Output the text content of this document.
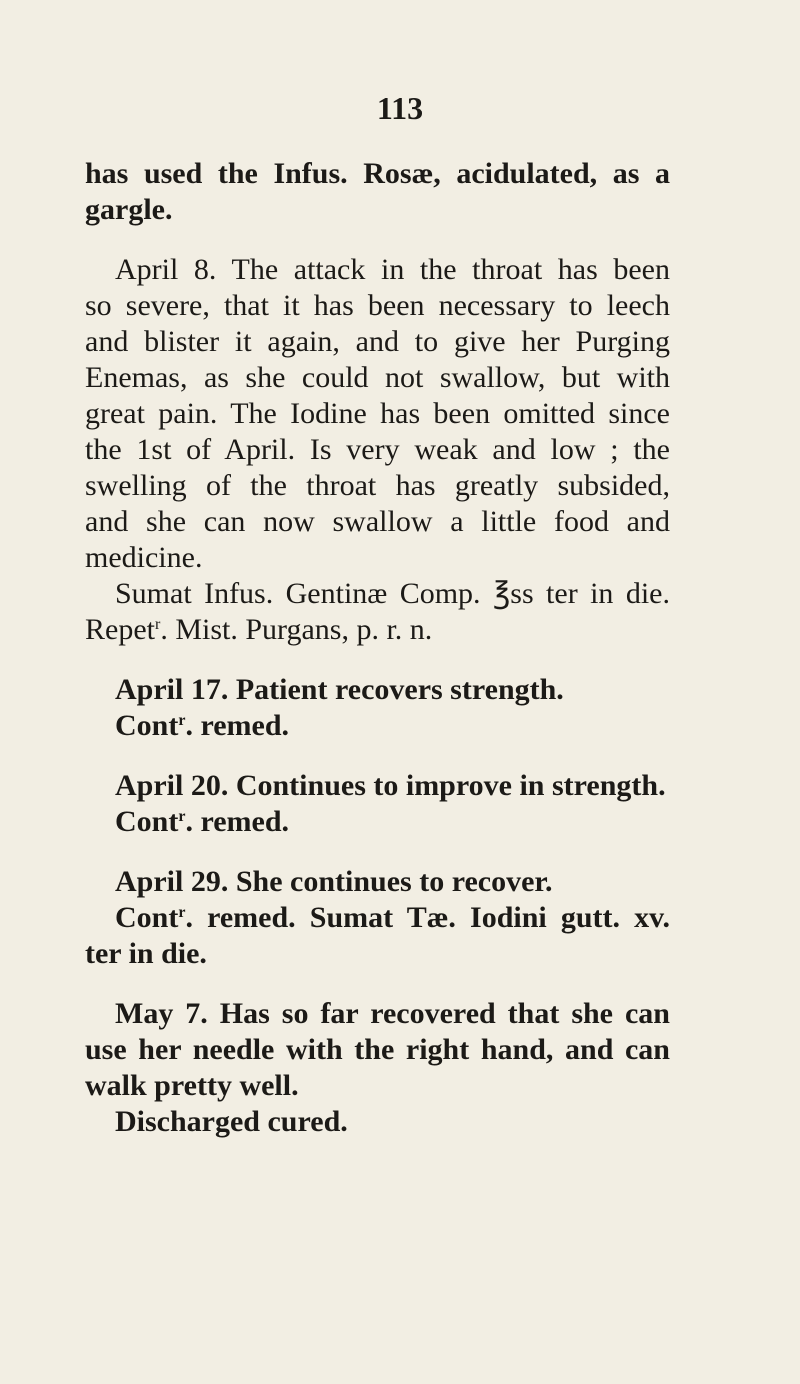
113
has used the Infus. Rosæ, acidulated, as a
gargle.
April 8. The attack in the throat has been
so severe, that it has been necessary to leech
and blister it again, and to give her Purging
Enemas, as she could not swallow, but with
great pain. The Iodine has been omitted since
the 1st of April. Is very weak and low ; the
swelling of the throat has greatly subsided,
and she can now swallow a little food and
medicine.
Sumat Infus. Gentinæ Comp. ℥ss ter in die.
Repet$^r$. Mist. Purgans, p. r. n.
April 17. Patient recovers strength.
Cont$^r$. remed.
April 20. Continues to improve in strength.
Cont$^r$. remed.
April 29. She continues to recover.
Cont$^r$. remed. Sumat Tæ. Iodini gutt. xv.
ter in die.
May 7. Has so far recovered that she can
use her needle with the right hand, and can
walk pretty well.
Discharged cured.
